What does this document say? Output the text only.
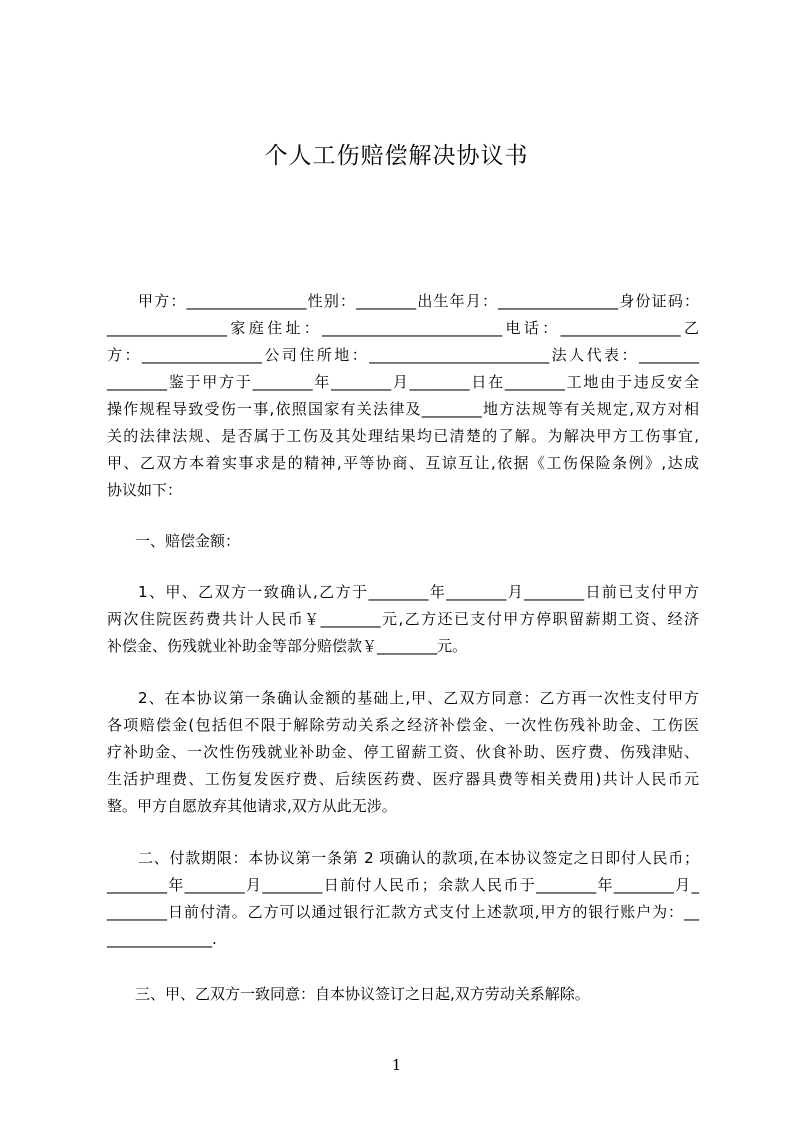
个人工伤赔偿解决协议书

甲方：________________性别：________出生年月：________________身份证码：

________________家庭住址：________________________电话：________________乙

方：________________公司住所地：________________________法人代表：________

________鉴于甲方于________年________月________日在________工地由于违反安全

操作规程导致受伤一事,依照国家有关法律及________地方法规等有关规定,双方对相

关的法律法规、是否属于工伤及其处理结果均已清楚的了解。为解决甲方工伤事宜,

甲、乙双方本着实事求是的精神,平等协商、互谅互让,依据《工伤保险条例》,达成

协议如下：

一、赔偿金额：

1、甲、乙双方一致确认,乙方于________年________月________日前已支付甲方

两次住院医药费共计人民币￥________元,乙方还已支付甲方停职留薪期工资、经济

补偿金、伤残就业补助金等部分赔偿款￥________元。

2、在本协议第一条确认金额的基础上,甲、乙双方同意：乙方再一次性支付甲方

各项赔偿金(包括但不限于解除劳动关系之经济补偿金、一次性伤残补助金、工伤医

疗补助金、一次性伤残就业补助金、停工留薪工资、伙食补助、医疗费、伤残津贴、

生活护理费、工伤复发医疗费、后续医药费、医疗器具费等相关费用)共计人民币元

整。甲方自愿放弃其他请求,双方从此无涉。

二、付款期限：本协议第一条第 2 项确认的款项,在本协议签定之日即付人民币；

________年________月________日前付人民币；余款人民币于________年________月_

________日前付清。乙方可以通过银行汇款方式支付上述款项,甲方的银行账户为：__

______________.

三、甲、乙双方一致同意：自本协议签订之日起,双方劳动关系解除。

1
